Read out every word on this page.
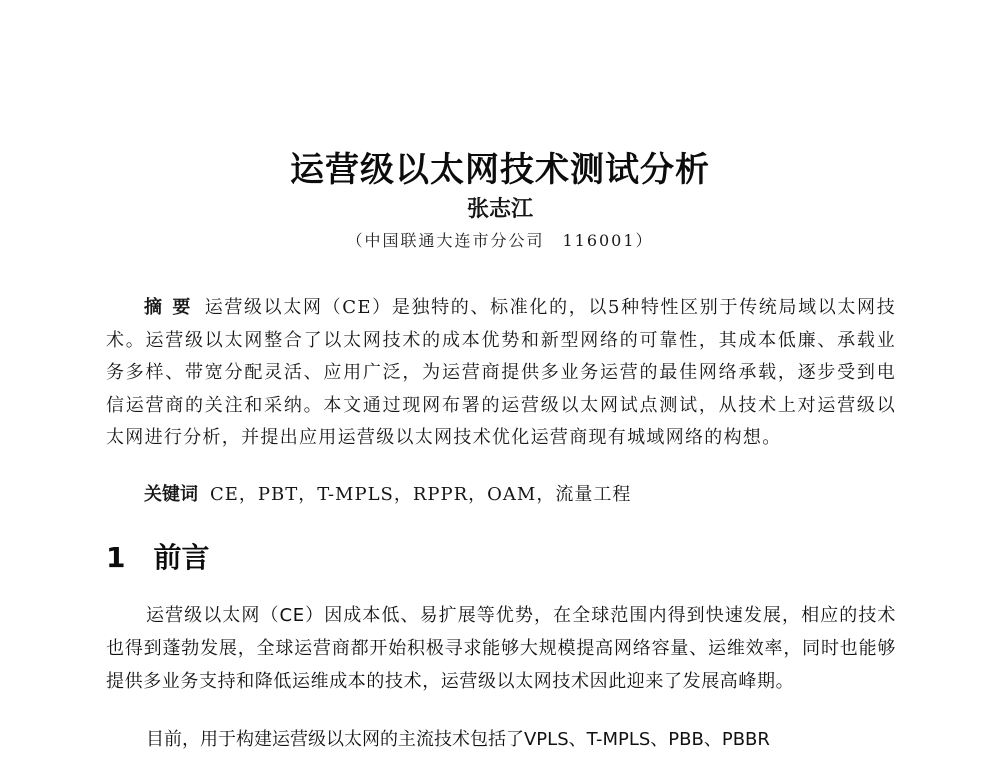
运营级以太网技术测试分析
张志江
（中国联通大连市分公司　116001）
摘要 运营级以太网（CE）是独特的、标准化的，以5种特性区别于传统局域以太网技术。运营级以太网整合了以太网技术的成本优势和新型网络的可靠性，其成本低廉、承载业务多样、带宽分配灵活、应用广泛，为运营商提供多业务运营的最佳网络承载，逐步受到电信运营商的关注和采纳。本文通过现网布署的运营级以太网试点测试，从技术上对运营级以太网进行分析，并提出应用运营级以太网技术优化运营商现有城域网络的构想。
关键词 CE，PBT，T-MPLS，RPPR，OAM，流量工程
1 前言
运营级以太网（CE）因成本低、易扩展等优势，在全球范围内得到快速发展，相应的技术也得到蓬勃发展，全球运营商都开始积极寻求能够大规模提高网络容量、运维效率，同时也能够提供多业务支持和降低运维成本的技术，运营级以太网技术因此迎来了发展高峰期。
目前，用于构建运营级以太网的主流技术包括了VPLS、T-MPLS、PBB、PBBR
